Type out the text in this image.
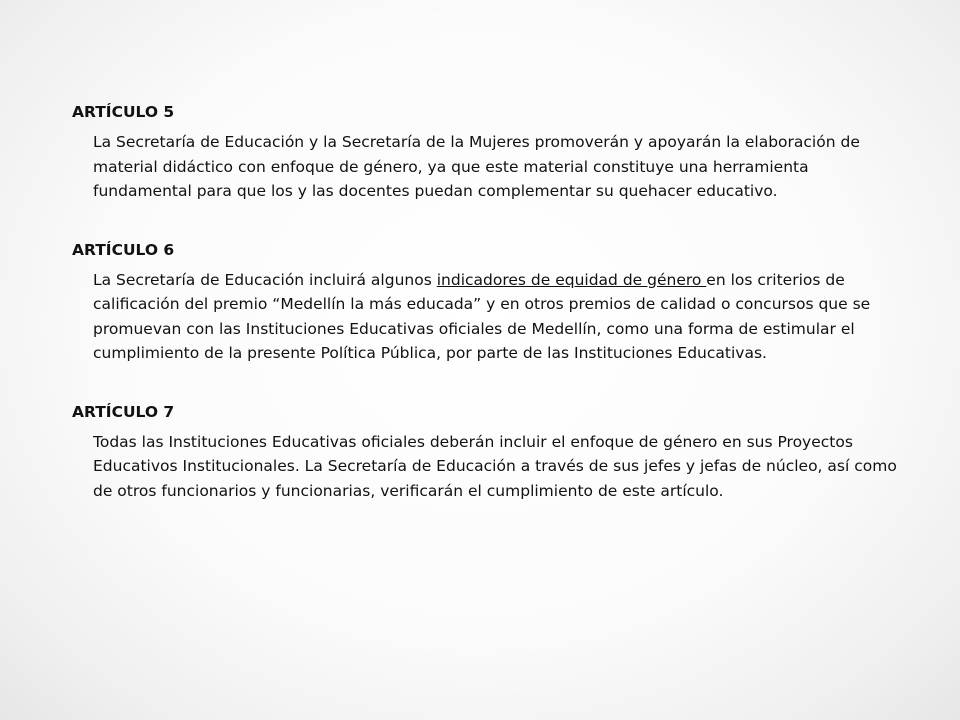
ARTÍCULO 5
La Secretaría de Educación y la Secretaría de la Mujeres promoverán y apoyarán la elaboración de material didáctico con enfoque de género, ya que este material constituye una herramienta fundamental para que los y las docentes puedan complementar su quehacer educativo.
ARTÍCULO 6
La Secretaría de Educación incluirá algunos indicadores de equidad de género en los criterios de calificación del premio “Medellín la más educada” y en otros premios de calidad o concursos que se promuevan con las Instituciones Educativas oficiales de Medellín, como una forma de estimular el cumplimiento de la presente Política Pública, por parte de las Instituciones Educativas.
ARTÍCULO 7
Todas las Instituciones Educativas oficiales deberán incluir el enfoque de género en sus Proyectos Educativos Institucionales. La Secretaría de Educación a través de sus jefes y jefas de núcleo, así como de otros funcionarios y funcionarias, verificarán el cumplimiento de este artículo.
